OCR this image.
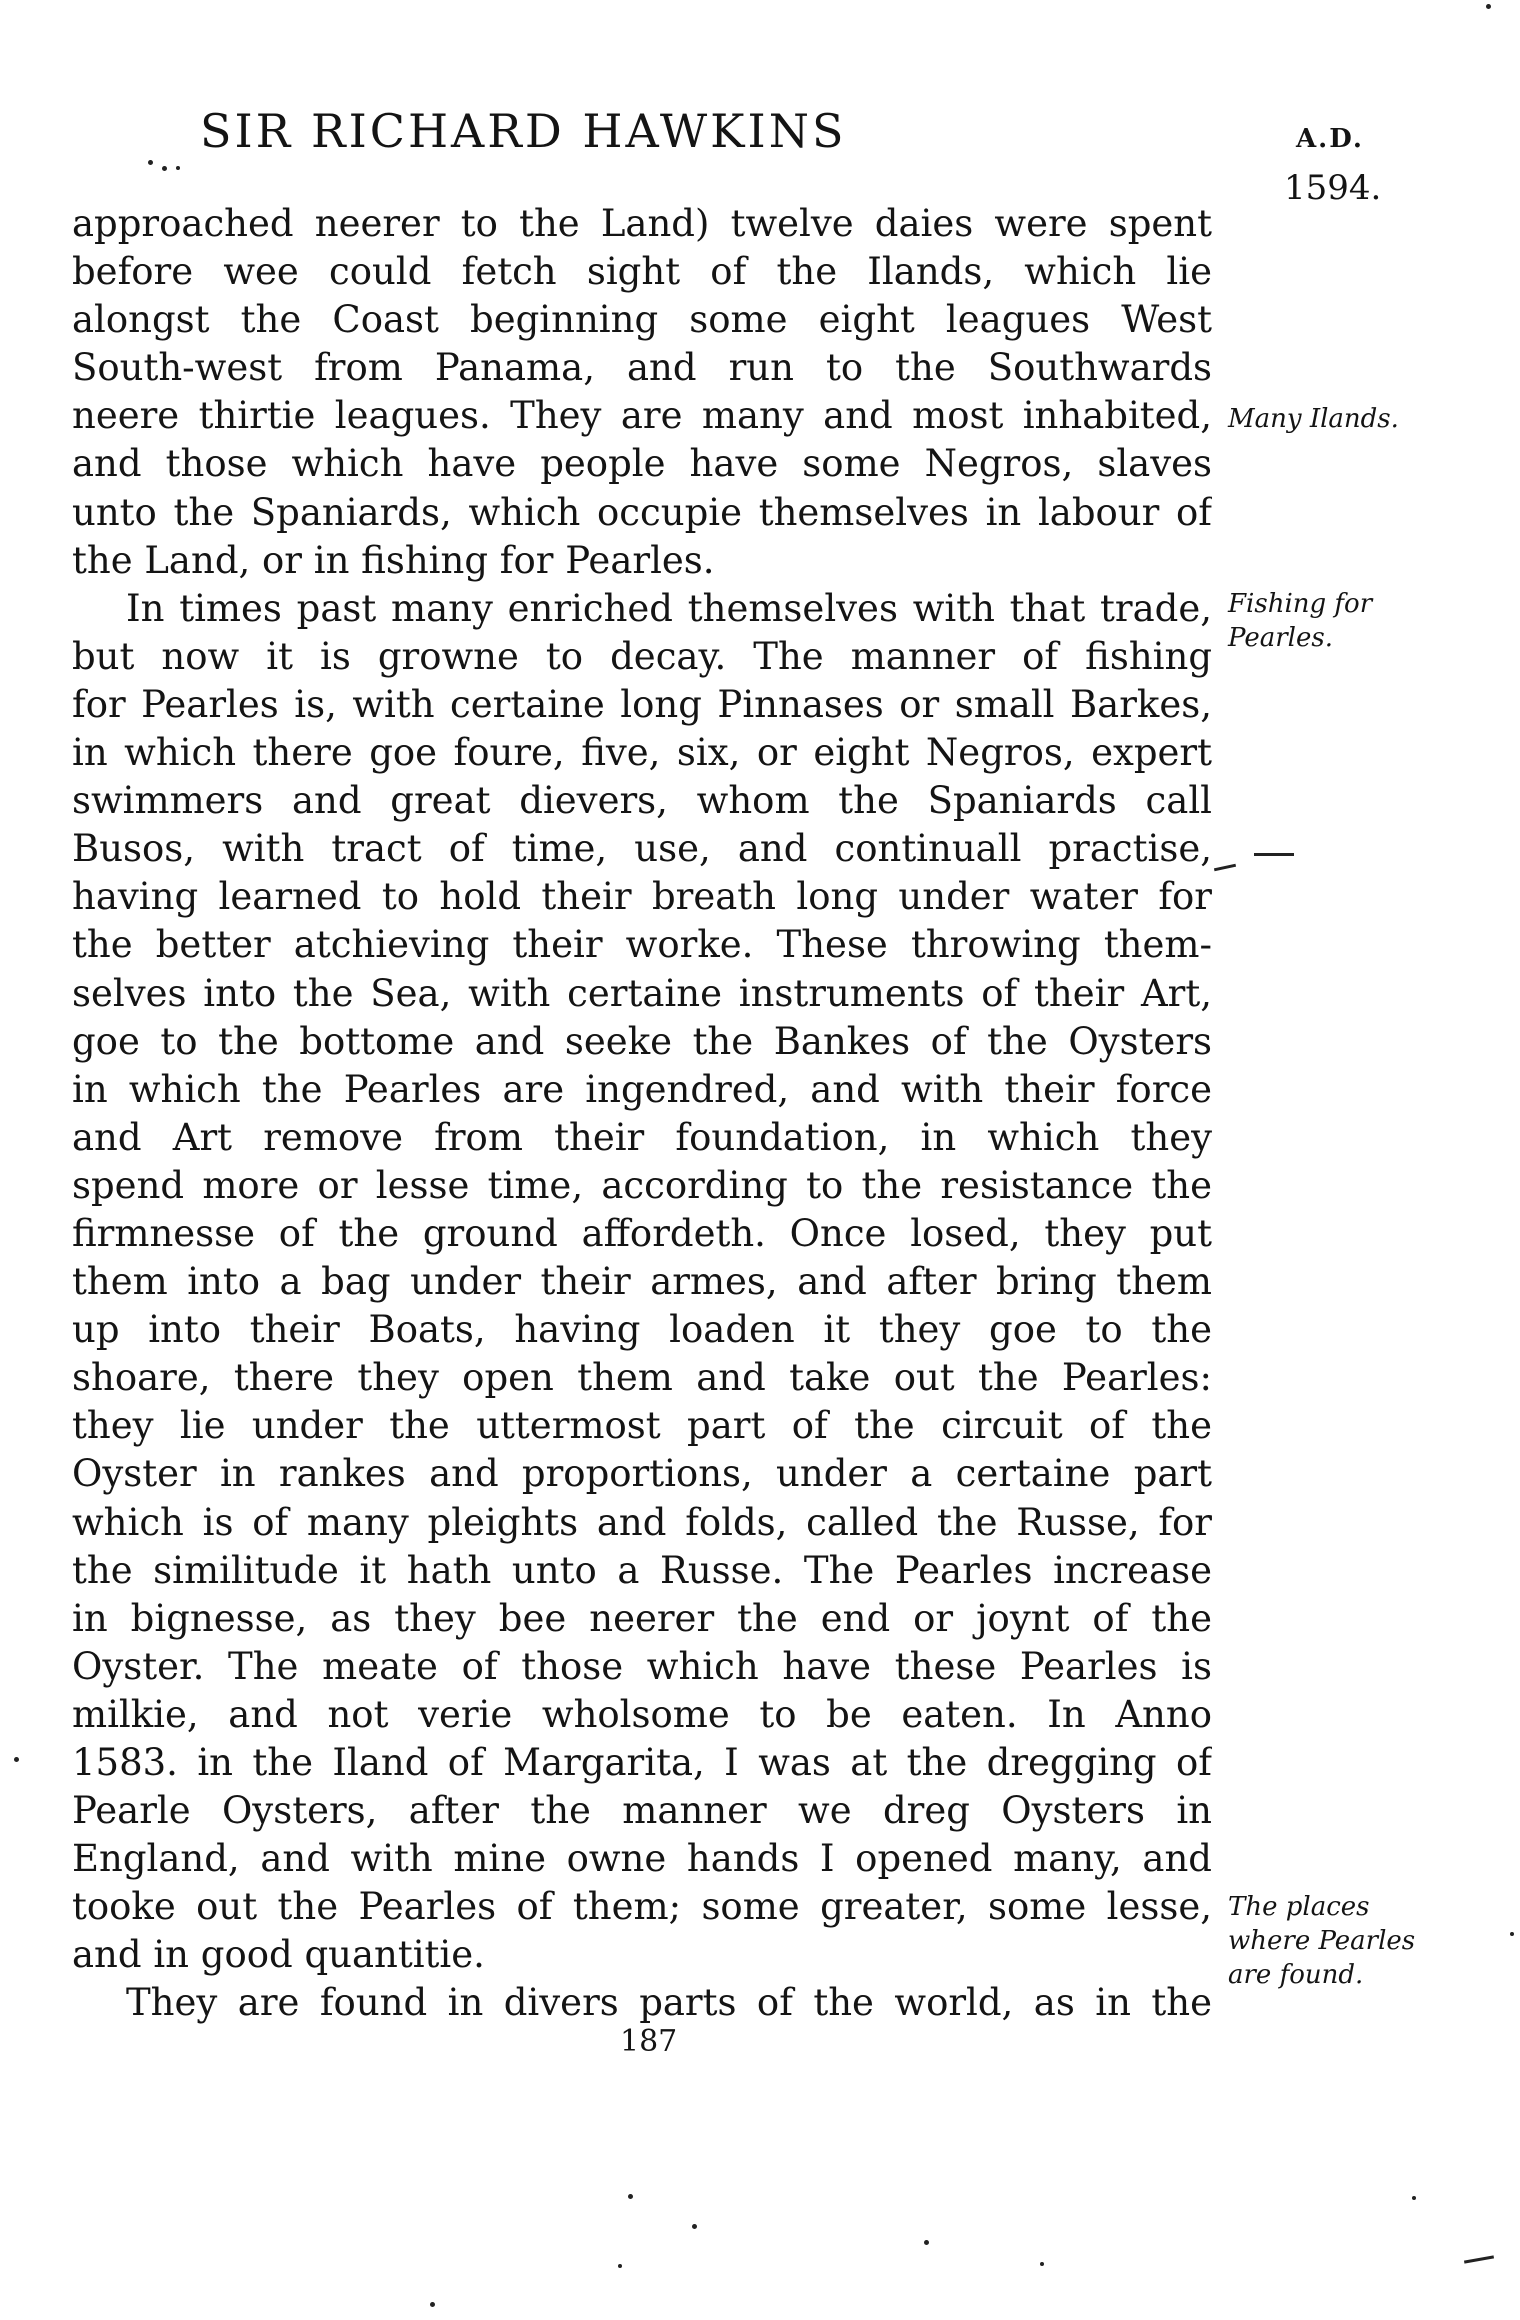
SIR RICHARD HAWKINS	A.D.
1594.
approached neerer to the Land) twelve daies were spent
before wee could fetch sight of the Ilands, which lie
alongst the Coast beginning some eight leagues West
South-west from Panama, and run to the Southwards
neere thirtie leagues. They are many and most inhabited,
and those which have people have some Negros, slaves
unto the Spaniards, which occupie themselves in labour of
the Land, or in fishing for Pearles.
In times past many enriched themselves with that trade,
but now it is growne to decay. The manner of fishing
for Pearles is, with certaine long Pinnases or small Barkes,
in which there goe foure, five, six, or eight Negros, expert
swimmers and great dievers, whom the Spaniards call
Busos, with tract of time, use, and continuall practise,
having learned to hold their breath long under water for
the better atchieving their worke. These throwing them-
selves into the Sea, with certaine instruments of their Art,
goe to the bottome and seeke the Bankes of the Oysters
in which the Pearles are ingendred, and with their force
and Art remove from their foundation, in which they
spend more or lesse time, according to the resistance the
firmnesse of the ground affordeth. Once losed, they put
them into a bag under their armes, and after bring them
up into their Boats, having loaden it they goe to the
shoare, there they open them and take out the Pearles:
they lie under the uttermost part of the circuit of the
Oyster in rankes and proportions, under a certaine part
which is of many pleights and folds, called the Russe, for
the similitude it hath unto a Russe. The Pearles increase
in bignesse, as they bee neerer the end or joynt of the
Oyster. The meate of those which have these Pearles is
milkie, and not verie wholsome to be eaten. In Anno
1583. in the Iland of Margarita, I was at the dregging of
Pearle Oysters, after the manner we dreg Oysters in
England, and with mine owne hands I opened many, and
tooke out the Pearles of them; some greater, some lesse,
and in good quantitie.
They are found in divers parts of the world, as in the
Many Ilands.
Fishing for
Pearles.
The places
where Pearles
are found.
187
